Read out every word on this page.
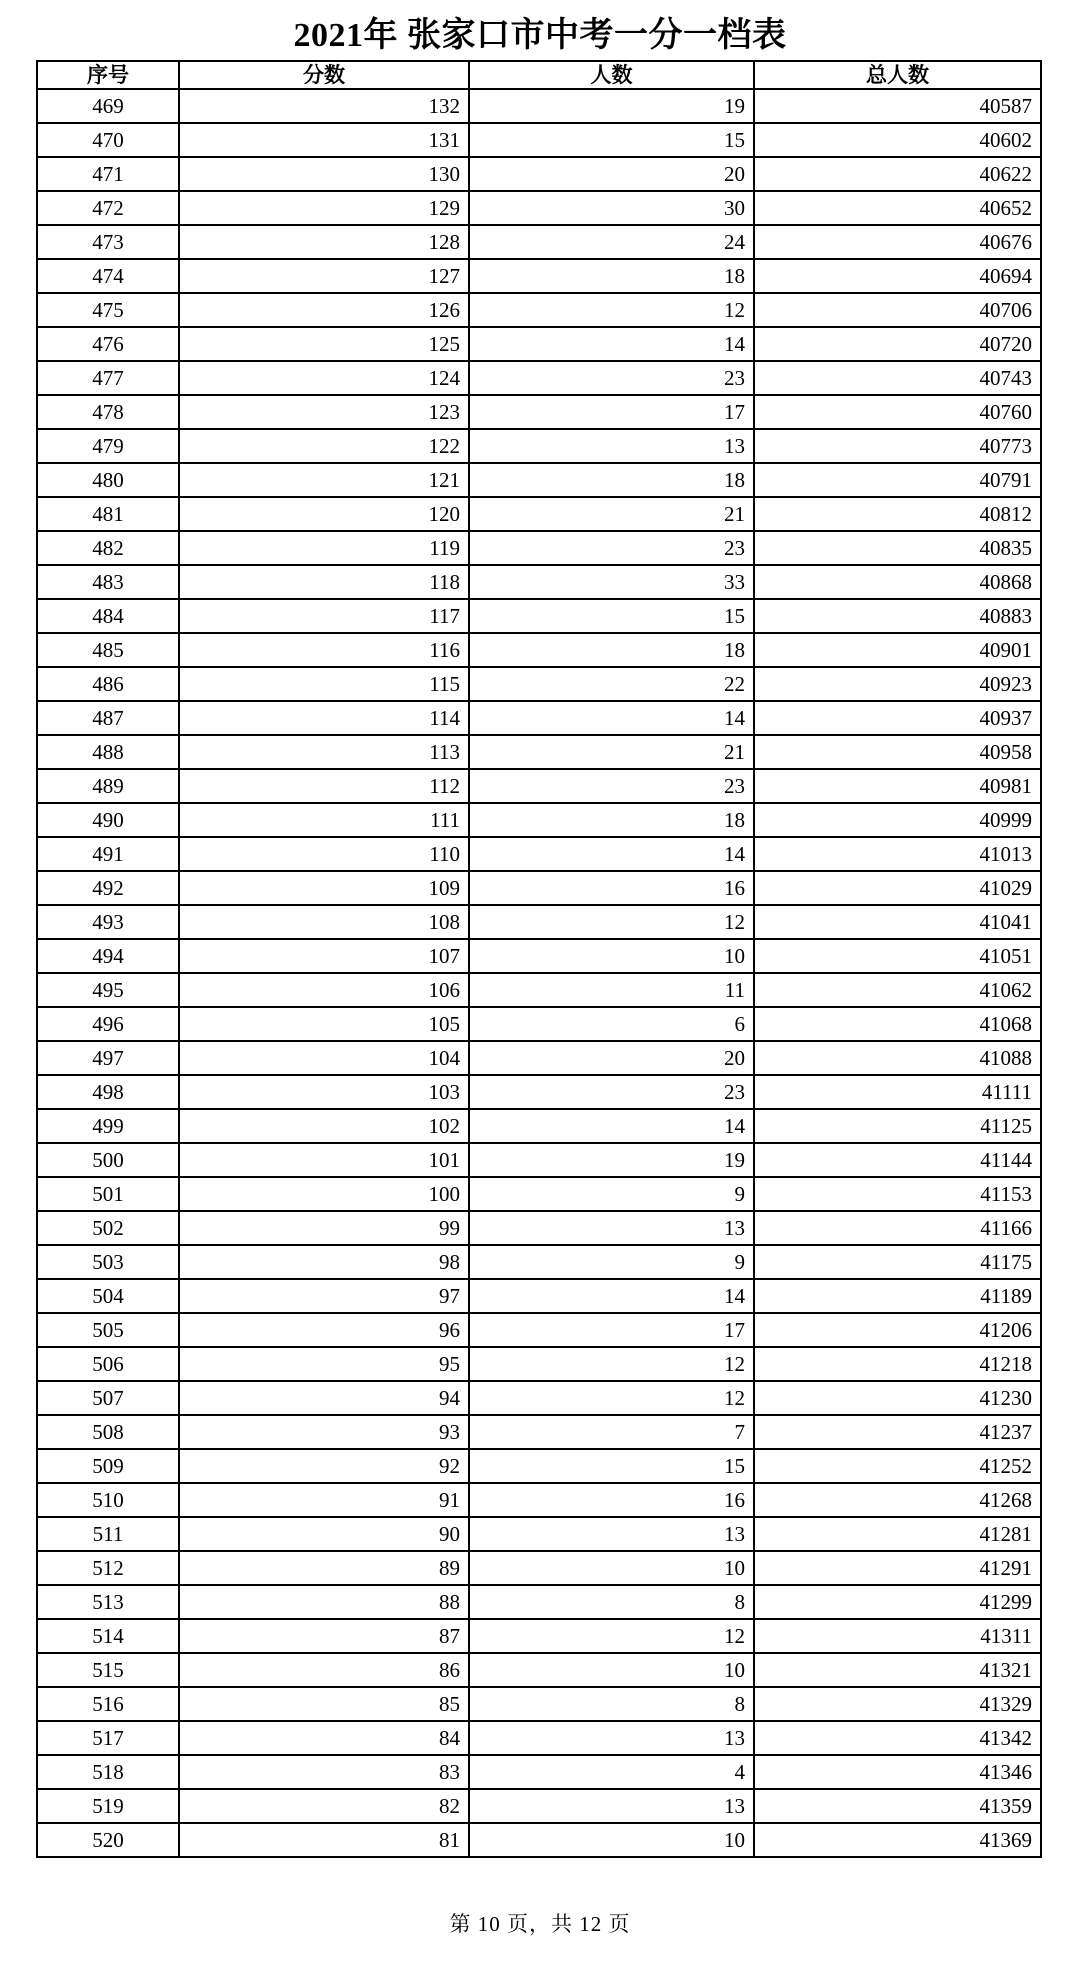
2021年 张家口市中考一分一档表
序号	分数	人数	总人数
469	132	19	40587
470	131	15	40602
471	130	20	40622
472	129	30	40652
473	128	24	40676
474	127	18	40694
475	126	12	40706
476	125	14	40720
477	124	23	40743
478	123	17	40760
479	122	13	40773
480	121	18	40791
481	120	21	40812
482	119	23	40835
483	118	33	40868
484	117	15	40883
485	116	18	40901
486	115	22	40923
487	114	14	40937
488	113	21	40958
489	112	23	40981
490	111	18	40999
491	110	14	41013
492	109	16	41029
493	108	12	41041
494	107	10	41051
495	106	11	41062
496	105	6	41068
497	104	20	41088
498	103	23	41111
499	102	14	41125
500	101	19	41144
501	100	9	41153
502	99	13	41166
503	98	9	41175
504	97	14	41189
505	96	17	41206
506	95	12	41218
507	94	12	41230
508	93	7	41237
509	92	15	41252
510	91	16	41268
511	90	13	41281
512	89	10	41291
513	88	8	41299
514	87	12	41311
515	86	10	41321
516	85	8	41329
517	84	13	41342
518	83	4	41346
519	82	13	41359
520	81	10	41369
第 10 页，共 12 页
